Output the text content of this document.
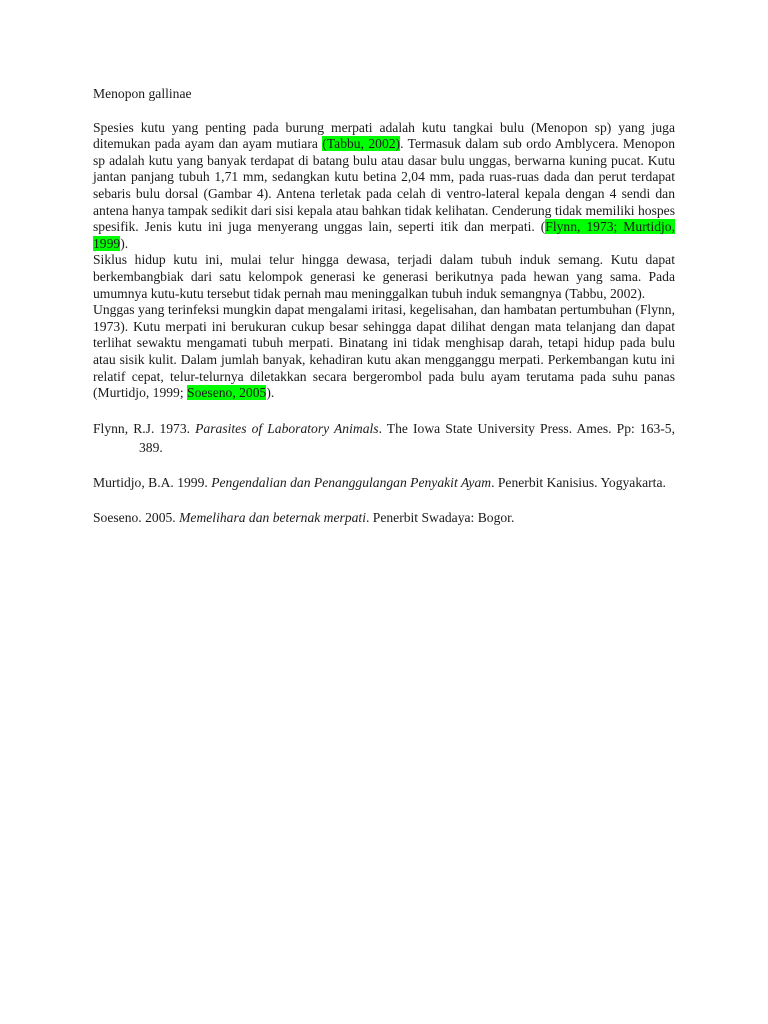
Menopon gallinae

Spesies kutu yang penting pada burung merpati adalah kutu tangkai bulu (Menopon sp) yang juga ditemukan pada ayam dan ayam mutiara (Tabbu, 2002). Termasuk dalam sub ordo Amblycera. Menopon sp adalah kutu yang banyak terdapat di batang bulu atau dasar bulu unggas, berwarna kuning pucat. Kutu jantan panjang tubuh 1,71 mm, sedangkan kutu betina 2,04 mm, pada ruas-ruas dada dan perut terdapat sebaris bulu dorsal (Gambar 4). Antena terletak pada celah di ventro-lateral kepala dengan 4 sendi dan antena hanya tampak sedikit dari sisi kepala atau bahkan tidak kelihatan. Cenderung tidak memiliki hospes spesifik. Jenis kutu ini juga menyerang unggas lain, seperti itik dan merpati. (Flynn, 1973; Murtidjo, 1999).

Siklus hidup kutu ini, mulai telur hingga dewasa, terjadi dalam tubuh induk semang. Kutu dapat berkembangbiak dari satu kelompok generasi ke generasi berikutnya pada hewan yang sama. Pada umumnya kutu-kutu tersebut tidak pernah mau meninggalkan tubuh induk semangnya (Tabbu, 2002).

Unggas yang terinfeksi mungkin dapat mengalami iritasi, kegelisahan, dan hambatan pertumbuhan (Flynn, 1973). Kutu merpati ini berukuran cukup besar sehingga dapat dilihat dengan mata telanjang dan dapat terlihat sewaktu mengamati tubuh merpati. Binatang ini tidak menghisap darah, tetapi hidup pada bulu atau sisik kulit. Dalam jumlah banyak, kehadiran kutu akan mengganggu merpati. Perkembangan kutu ini relatif cepat, telur-telurnya diletakkan secara bergerombol pada bulu ayam terutama pada suhu panas (Murtidjo, 1999; Soeseno, 2005).

Flynn, R.J. 1973. Parasites of Laboratory Animals. The Iowa State University Press. Ames. Pp: 163-5, 389.
Murtidjo, B.A. 1999. Pengendalian dan Penanggulangan Penyakit Ayam. Penerbit Kanisius. Yogyakarta.
Soeseno. 2005. Memelihara dan beternak merpati. Penerbit Swadaya: Bogor.
